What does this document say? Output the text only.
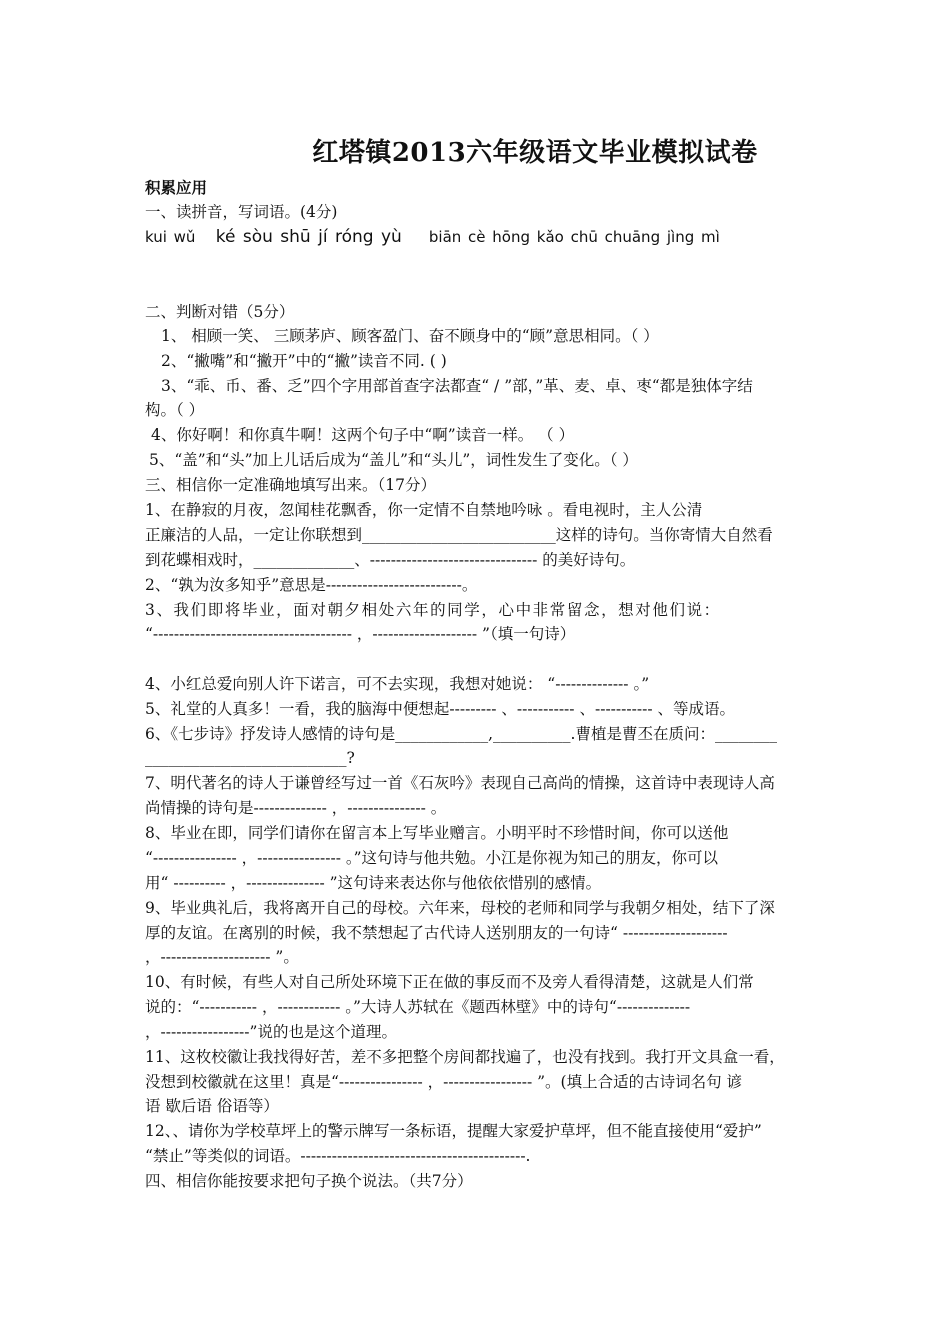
红塔镇2013六年级语文毕业模拟试卷
积累应用
一、读拼音，写词语。(4分)
kui wǔ ké sòu shū jí róng yù biān cè hōng kǎo chū chuāng jìng mì
二、判断对错（5分）
1、 相顾一笑、 三顾茅庐、顾客盈门、奋不顾身中的“顾”意思相同。（ ）
2、“撇嘴”和“撇开”中的“撇”读音不同. ( )
3、“乖、币、番、乏”四个字用部首查字法都查“ / ”部，”革、麦、卓、枣“都是独体字结
构。（ ）
4、你好啊！和你真牛啊！这两个句子中“啊”读音一样。 （ ）
5、“盖”和“头”加上儿话后成为“盖儿”和“头儿”，词性发生了变化。（ ）
三、相信你一定准确地填写出来。（17分）
1、在静寂的月夜，忽闻桂花飘香，你一定情不自禁地吟咏 。看电视时，主人公清
正廉洁的人品，一定让你联想到_________________________这样的诗句。当你寄情大自然看
到花蝶相戏时，_____________、-------------------------------- 的美好诗句。
2、“孰为汝多知乎”意思是--------------------------。
3、我们即将毕业，面对朝夕相处六年的同学，心中非常留念，想对他们说：
“-------------------------------------- ，-------------------- ”（填一句诗）
4、小红总爱向别人许下诺言，可不去实现，我想对她说： “-------------- 。”
5、礼堂的人真多！一看，我的脑海中便想起--------- 、----------- 、----------- 、等成语。
6、《七步诗》抒发诗人感情的诗句是____________,__________.曹植是曹丕在质问：________
__________________________?
7、明代著名的诗人于谦曾经写过一首《石灰吟》表现自己高尚的情操，这首诗中表现诗人高
尚情操的诗句是-------------- ，--------------- 。
8、毕业在即，同学们请你在留言本上写毕业赠言。小明平时不珍惜时间，你可以送他
“---------------- ，---------------- 。”这句诗与他共勉。小江是你视为知己的朋友，你可以
用“ ---------- ，--------------- ”这句诗来表达你与他依依惜别的感情。
9、毕业典礼后，我将离开自己的母校。六年来，母校的老师和同学与我朝夕相处，结下了深
厚的友谊。在离别的时候，我不禁想起了古代诗人送别朋友的一句诗“ --------------------
，--------------------- ”。
10、有时候，有些人对自己所处环境下正在做的事反而不及旁人看得清楚，这就是人们常
说的：“----------- ，------------ 。”大诗人苏轼在《题西林壁》中的诗句“--------------
，-----------------”说的也是这个道理。
11、这枚校徽让我找得好苦，差不多把整个房间都找遍了，也没有找到。我打开文具盒一看，
没想到校徽就在这里！真是“---------------- ，----------------- ”。(填上合适的古诗词名句 谚
语 歇后语 俗语等）
12、、请你为学校草坪上的警示牌写一条标语，提醒大家爱护草坪，但不能直接使用“爱护”
“禁止”等类似的词语。-------------------------------------------.
四、相信你能按要求把句子换个说法。（共7分）
